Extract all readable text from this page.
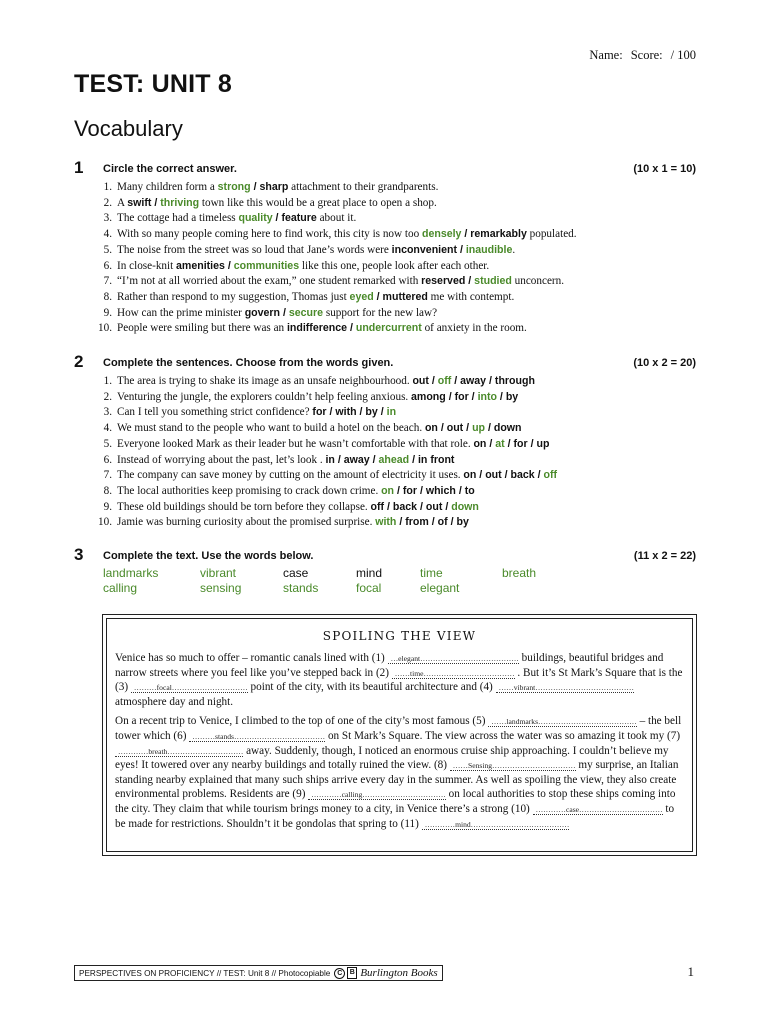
Name: Score: / 100
TEST: UNIT 8
Vocabulary
1 Circle the correct answer.	(10 x 1 = 10)
1. Many children form a strong / sharp attachment to their grandparents.
2. A swift / thriving town like this would be a great place to open a shop.
3. The cottage had a timeless quality / feature about it.
4. With so many people coming here to find work, this city is now too densely / remarkably populated.
5. The noise from the street was so loud that Jane’s words were inconvenient / inaudible.
6. In close-knit amenities / communities like this one, people look after each other.
7. “I’m not at all worried about the exam,” one student remarked with reserved / studied unconcern.
8. Rather than respond to my suggestion, Thomas just eyed / muttered me with contempt.
9. How can the prime minister govern / secure support for the new law?
10. People were smiling but there was an indifference / undercurrent of anxiety in the room.
2 Complete the sentences. Choose from the words given.	(10 x 2 = 20)
1. The area is trying to shake its image as an unsafe neighbourhood. out / off / away / through
2. Venturing the jungle, the explorers couldn’t help feeling anxious. among / for / into / by
3. Can I tell you something strict confidence? for / with / by / in
4. We must stand to the people who want to build a hotel on the beach. on / out / up / down
5. Everyone looked Mark as their leader but he wasn’t comfortable with that role. on / at / for / up
6. Instead of worrying about the past, let’s look . in / away / ahead / in front
7. The company can save money by cutting on the amount of electricity it uses. on / out / back / off
8. The local authorities keep promising to crack down crime. on / for / which / to
9. These old buildings should be torn before they collapse. off / back / out / down
10. Jamie was burning curiosity about the promised surprise. with / from / of / by
3 Complete the text. Use the words below.	(11 x 2 = 22)
landmarks	vibrant	case	mind	time	breath
calling	sensing	stands	focal	elegant
SPOILING THE VIEW

Venice has so much to offer – romantic canals lined with (1) …elegant………………………………… buildings, beautiful bridges and narrow streets where you feel like you’ve stepped back in (2) ……time……………………………… . But it’s St Mark’s Square that is the (3) ………focal………………………… point of the city, with its beautiful architecture and (4) ……vibrant………………………………… atmosphere day and night.

On a recent trip to Venice, I climbed to the top of one of the city’s most famous (5) ……landmarks………………………………… – the bell tower which (6) ………stands……………………………… on St Mark’s Square. The view across the water was so amazing it took my (7) …………breath………………………… away. Suddenly, though, I noticed an enormous cruise ship approaching. I couldn’t believe my eyes! It towered over any nearby buildings and totally ruined the view. (8) ……Sensing…………………………… my surprise, an Italian standing nearby explained that many such ships arrive every day in the summer. As well as spoiling the view, they also create environmental problems. Residents are (9) …………calling…………………………… on local authorities to stop these ships coming into the city. They claim that while tourism brings money to a city, in Venice there’s a strong (10) …………case…………………………… to be made for restrictions. Shouldn’t it be gondolas that spring to (11) …………mind…………………………………

PERSPECTIVES ON PROFICIENCY // TEST: Unit 8 // Photocopiable C	B Burlington Books	1
